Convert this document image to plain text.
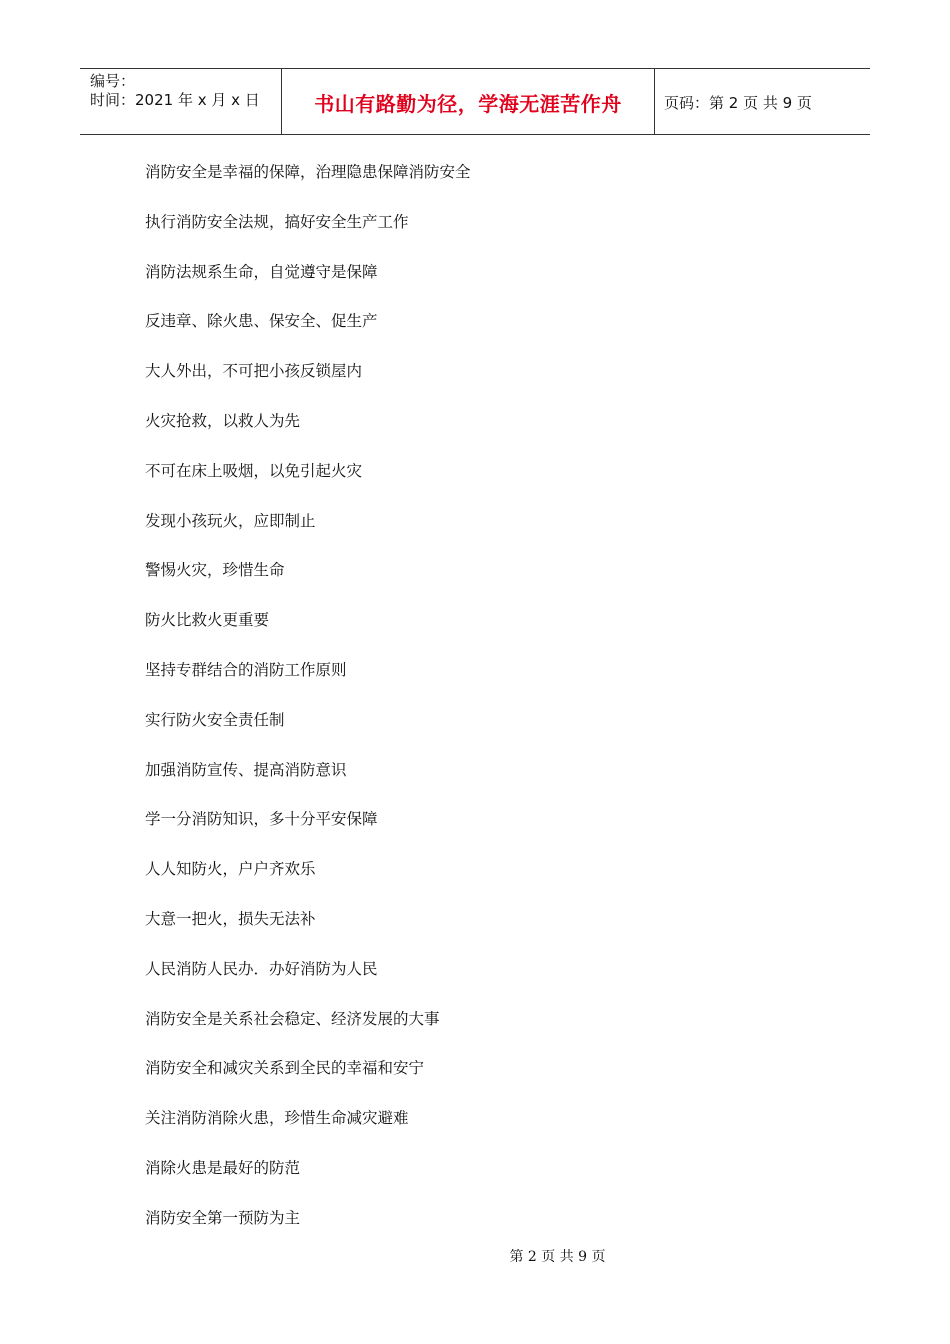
编号：
时间：2021 年 x 月 x 日	书山有路勤为径，学海无涯苦作舟	页码：第 2 页 共 9 页
消防安全是幸福的保障，治理隐患保障消防安全
执行消防安全法规，搞好安全生产工作
消防法规系生命，自觉遵守是保障
反违章、除火患、保安全、促生产
大人外出，不可把小孩反锁屋内
火灾抢救，以救人为先
不可在床上吸烟，以免引起火灾
发现小孩玩火，应即制止
警惕火灾，珍惜生命
防火比救火更重要
坚持专群结合的消防工作原则
实行防火安全责任制
加强消防宣传、提高消防意识
学一分消防知识，多十分平安保障
人人知防火，户户齐欢乐
大意一把火，损失无法补
人民消防人民办．办好消防为人民
消防安全是关系社会稳定、经济发展的大事
消防安全和减灾关系到全民的幸福和安宁
关注消防消除火患，珍惜生命减灾避难
消除火患是最好的防范
消防安全第一预防为主
第 2 页 共 9 页
